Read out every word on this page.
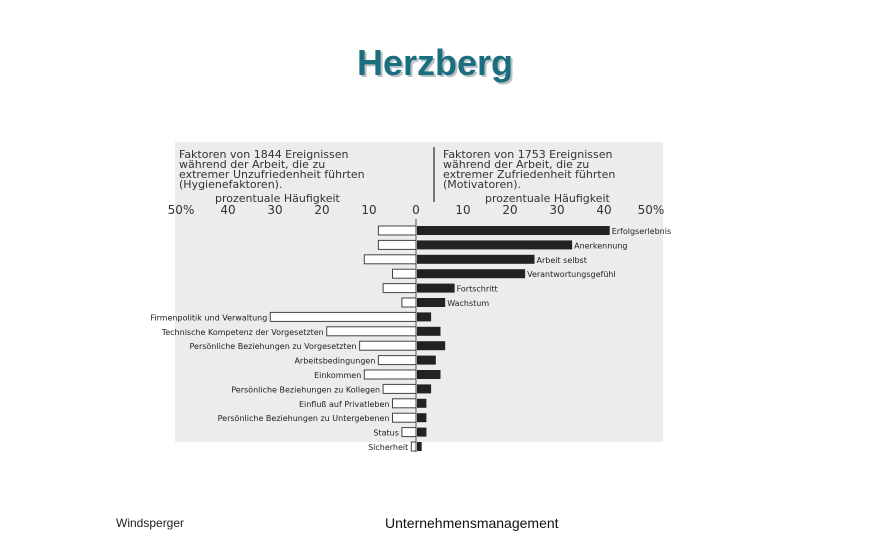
Herzberg
Faktoren von 1844 Ereignissen
während der Arbeit, die zu
extremer Unzufriedenheit führten
(Hygienefaktoren).
Faktoren von 1753 Ereignissen
während der Arbeit, die zu
extremer Zufriedenheit führten
(Motivatoren).
prozentuale Häufigkeit	prozentuale Häufigkeit
50% 40	30	20	10	0	10	20	30	40 50%
Erfolgserlebnis
Anerkennung
Arbeit selbst
Verantwortungsgefühl
Fortschritt
Wachstum
Firmenpolitik und Verwaltung
Technische Kompetenz der Vorgesetzten
Persönliche Beziehungen zu Vorgesetzten
Arbeitsbedingungen
Einkommen
Persönliche Beziehungen zu Kollegen
Einfluß auf Privatleben
Persönliche Beziehungen zu Untergebenen
Status
Sicherheit
Windsperger	Unternehmensmanagement
